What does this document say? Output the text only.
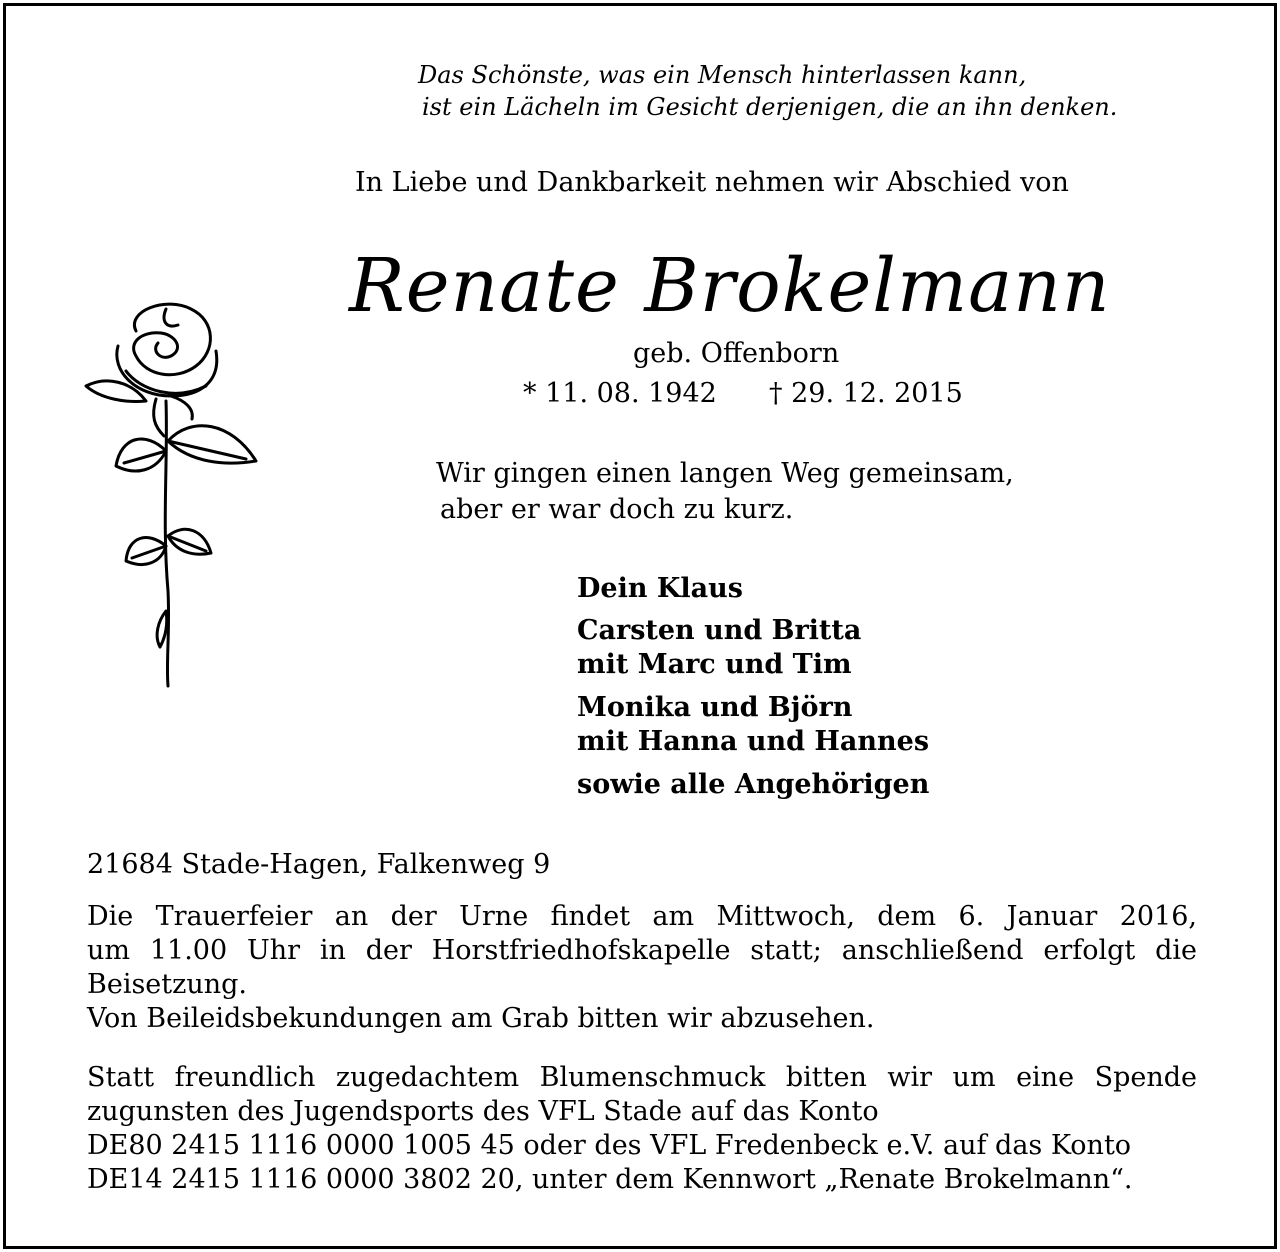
Das Schönste, was ein Mensch hinterlassen kann,
ist ein Lächeln im Gesicht derjenigen, die an ihn denken.
In Liebe und Dankbarkeit nehmen wir Abschied von
Renate Brokelmann
geb. Offenborn
* 11. 08. 1942 † 29. 12. 2015
Wir gingen einen langen Weg gemeinsam,
aber er war doch zu kurz.
Dein Klaus
Carsten und Britta
mit Marc und Tim
Monika und Björn
mit Hanna und Hannes
sowie alle Angehörigen
21684 Stade-Hagen, Falkenweg 9
Die Trauerfeier an der Urne findet am Mittwoch, dem 6. Januar 2016,
um 11.00 Uhr in der Horstfriedhofskapelle statt; anschließend erfolgt die
Beisetzung.
Von Beileidsbekundungen am Grab bitten wir abzusehen.
Statt freundlich zugedachtem Blumenschmuck bitten wir um eine Spende
zugunsten des Jugendsports des VFL Stade auf das Konto
DE80 2415 1116 0000 1005 45 oder des VFL Fredenbeck e.V. auf das Konto
DE14 2415 1116 0000 3802 20, unter dem Kennwort „Renate Brokelmann“.
